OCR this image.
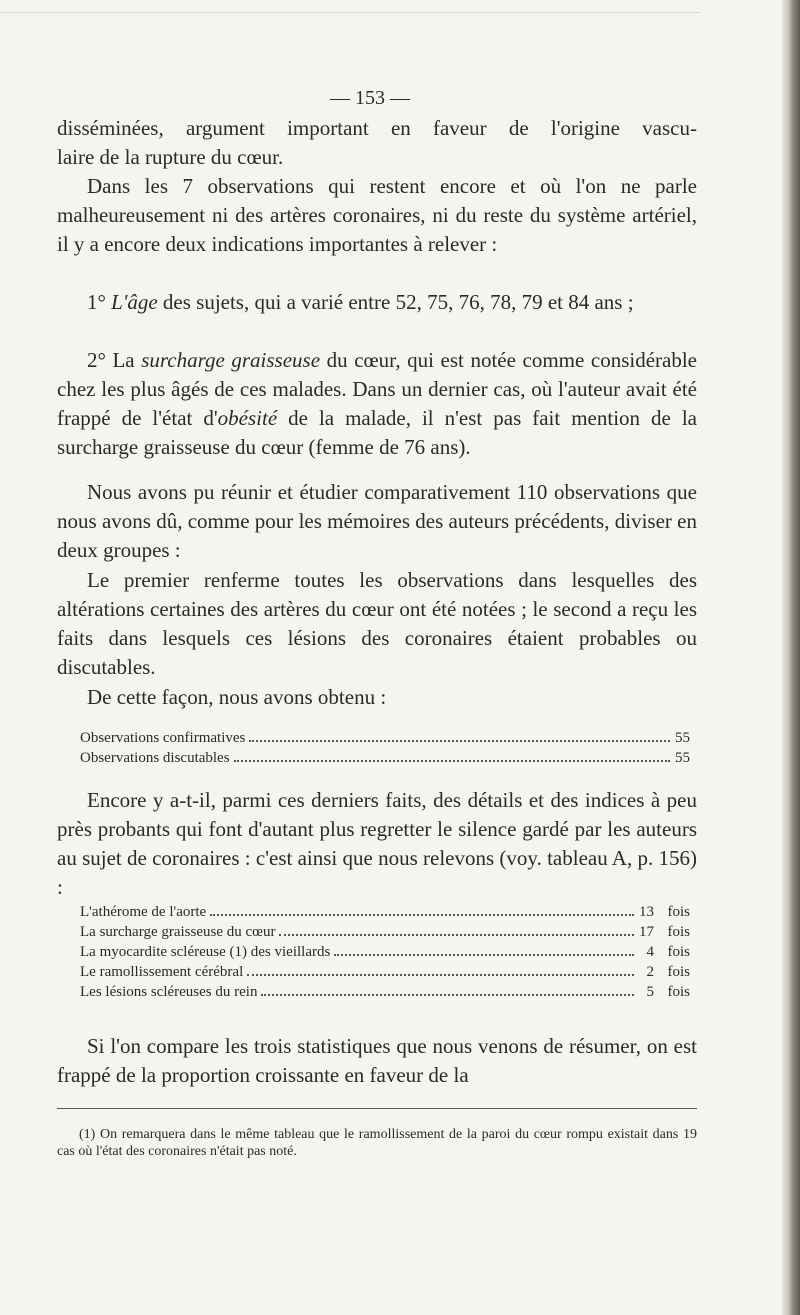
— 153 —

disséminées, argument important en faveur de l'origine vascu-

laire de la rupture du cœur.

Dans les 7 observations qui restent encore et où l'on ne parle malheureusement ni des artères coronaires, ni du reste du système artériel, il y a encore deux indications importantes à relever :

1° L'âge des sujets, qui a varié entre 52, 75, 76, 78, 79 et 84 ans ;

2° La surcharge graisseuse du cœur, qui est notée comme considérable chez les plus âgés de ces malades. Dans un dernier cas, où l'auteur avait été frappé de l'état d'obésité de la malade, il n'est pas fait mention de la surcharge graisseuse du cœur (femme de 76 ans).

Nous avons pu réunir et étudier comparativement 110 observations que nous avons dû, comme pour les mémoires des auteurs précédents, diviser en deux groupes :

Le premier renferme toutes les observations dans lesquelles des altérations certaines des artères du cœur ont été notées ; le second a reçu les faits dans lesquels ces lésions des coronaires étaient probables ou discutables.

De cette façon, nous avons obtenu :

Observations confirmatives	55
Observations discutables	55

Encore y a-t-il, parmi ces derniers faits, des détails et des indices à peu près probants qui font d'autant plus regretter le silence gardé par les auteurs au sujet de coronaires : c'est ainsi que nous relevons (voy. tableau A, p. 156) :

L'athérome de l'aorte	13 fois
La surcharge graisseuse du cœur	17 fois
La myocardite scléreuse (1) des vieillards	4 fois
Le ramollissement cérébral	2 fois
Les lésions scléreuses du rein	5 fois

Si l'on compare les trois statistiques que nous venons de résumer, on est frappé de la proportion croissante en faveur de la

(1) On remarquera dans le même tableau que le ramollissement de la paroi du cœur rompu existait dans 19 cas où l'état des coronaires n'était pas noté.
